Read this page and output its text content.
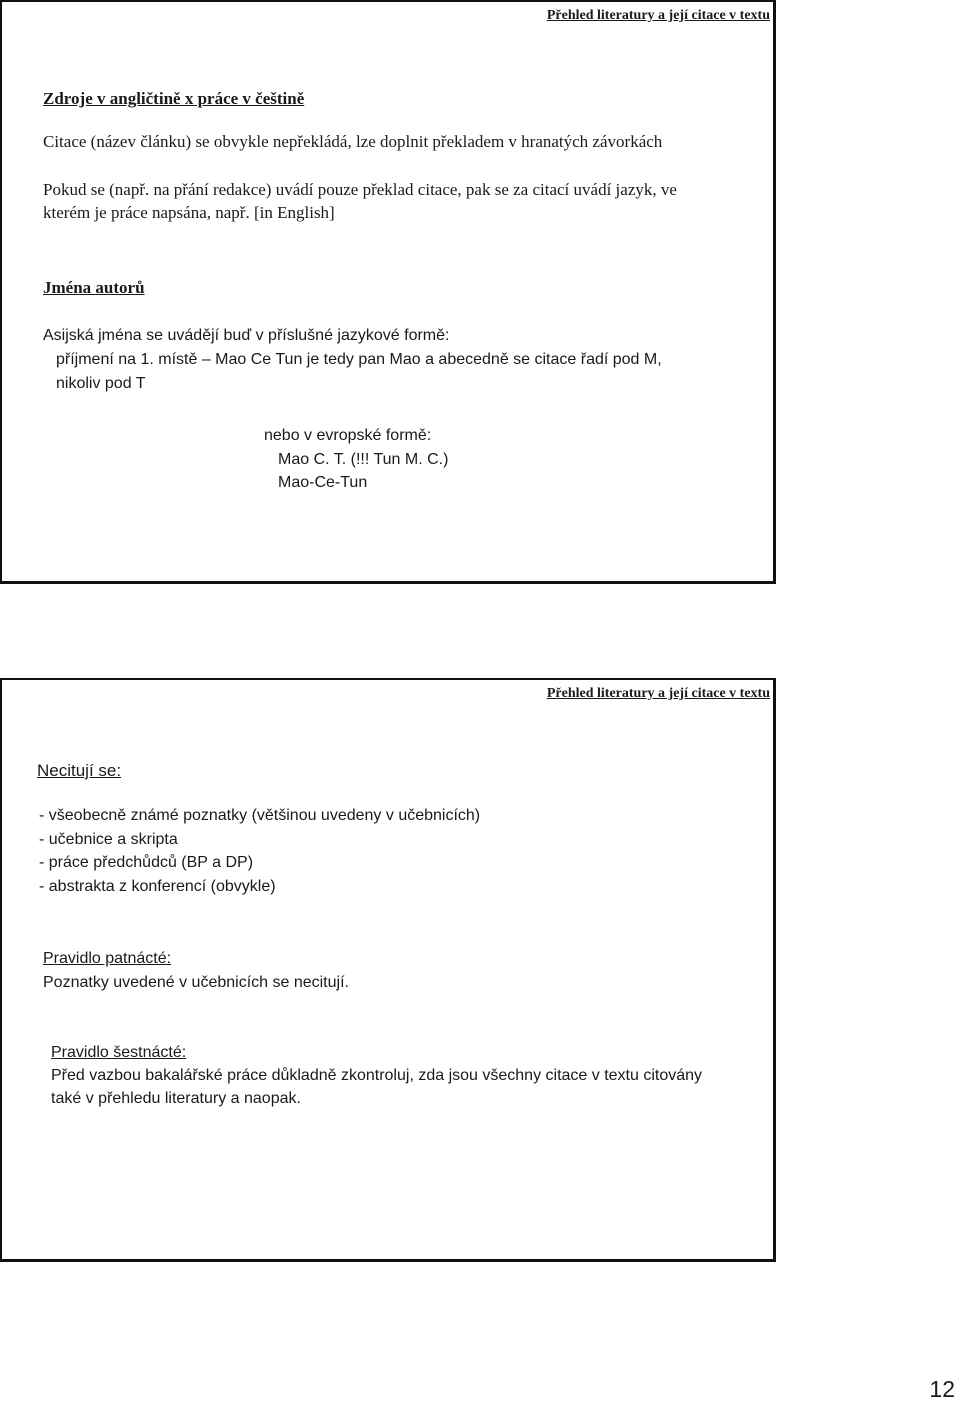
Přehled literatury a její citace v textu
Zdroje v angličtině x práce v češtině
Citace (název článku) se obvykle nepřekládá, lze doplnit překladem v hranatých závorkách
Pokud se (např. na přání redakce) uvádí pouze překlad citace, pak se za citací uvádí jazyk, ve
kterém je práce napsána, např. [in English]
Jména autorů
Asijská jména se uvádějí buď v příslušné jazykové formě:
příjmení na 1. místě – Mao Ce Tun je tedy pan Mao a abecedně se citace řadí pod M,
nikoliv pod T
nebo v evropské formě:
Mao C. T. (!!! Tun M. C.)
Mao-Ce-Tun
Přehled literatury a její citace v textu
Necitují se:
- všeobecně známé poznatky (většinou uvedeny v učebnicích)
- učebnice a skripta
- práce předchůdců (BP a DP)
- abstrakta z konferencí (obvykle)
Pravidlo patnácté:
Poznatky uvedené v učebnicích se necitují.
Pravidlo šestnácté:
Před vazbou bakalářské práce důkladně zkontroluj, zda jsou všechny citace v textu citovány
také v přehledu literatury a naopak.
12
